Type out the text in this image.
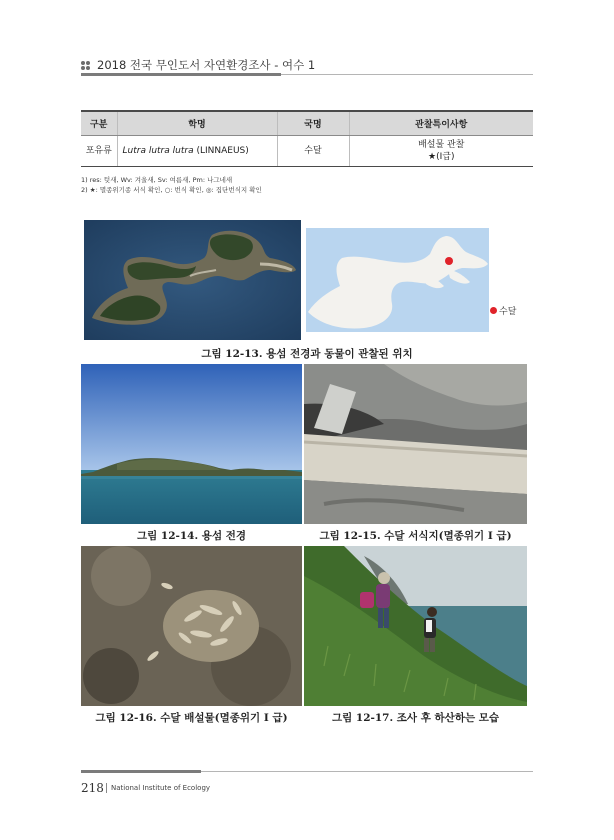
2018 전국 무인도서 자연환경조사 - 여수 1
구분	학명	국명	관찰특이사항
포유류	Lutra lutra lutra (LINNAEUS)	수달	배설물 관찰
★(Ⅰ급)
1) res: 텃새, Wv: 겨울새, Sv: 여름새, Pm: 나그네새
2) ★: 멸종위기종 서식 확인, ○: 번식 확인, ◎: 집단번식지 확인
수달
그림 12-13. 용섬 전경과 동물이 관찰된 위치
그림 12-14. 용섬 전경	그림 12-15. 수달 서식지(멸종위기 I 급)
그림 12-16. 수달 배설물(멸종위기 I 급)	그림 12-17. 조사 후 하산하는 모습
218 National Institute of Ecology
